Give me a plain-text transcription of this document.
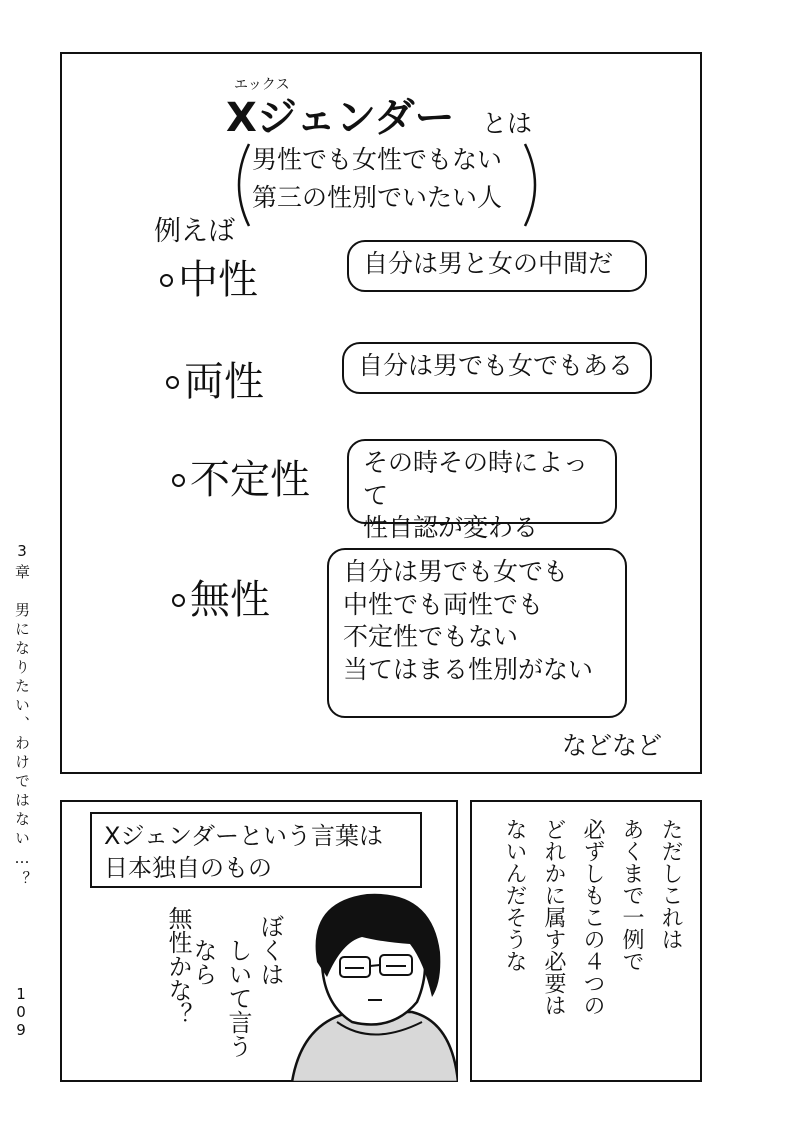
3章　男になりたい、わけではない…？
109
エックス
Xジェンダー とは
男性でも女性でもない
第三の性別でいたい人
例えば
中性	自分は男と女の中間だ
両性	自分は男でも女でもある
不定性 その時その時によって
性自認が変わる
無性
自分は男でも女でも
中性でも両性でも
不定性でもない
当てはまる性別がない
などなど
Xジェンダーという言葉は
日本独自のもの
ぼくは
しいて言うなら
無性かな？
ただしこれは
あくまで一例で
必ずしもこの４つの
どれかに属す必要は
ないんだそうな
